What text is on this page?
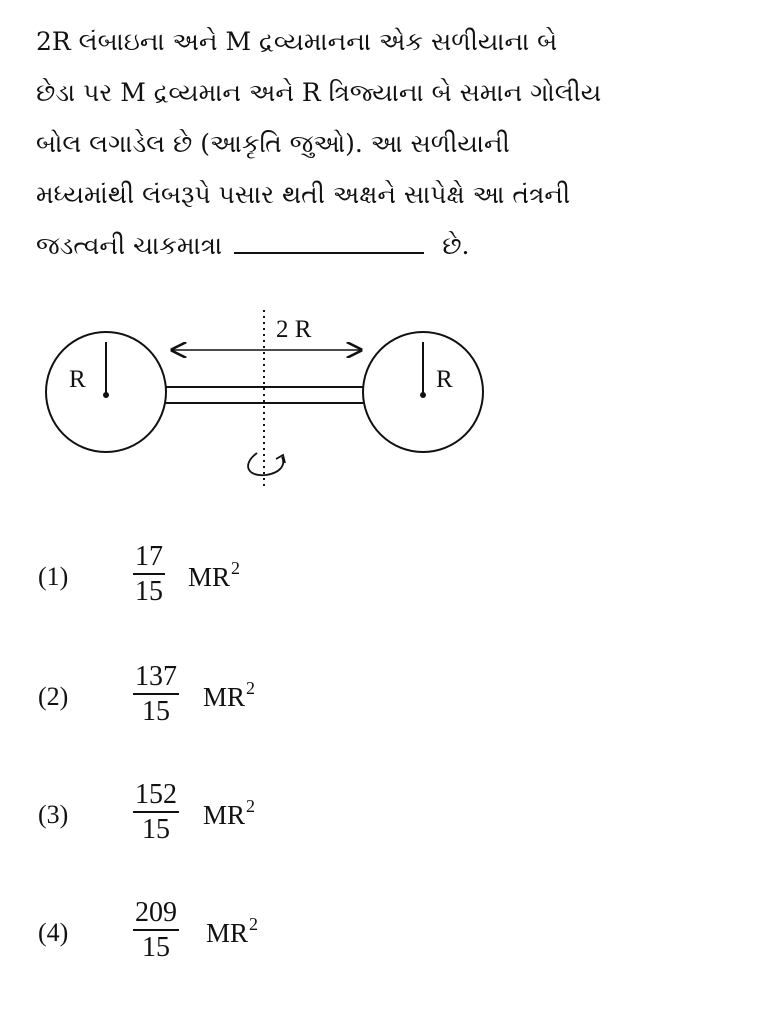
2R લંબાઇના અને M દ્રવ્યમાનના એક સળીયાના બે
છેડા પર M દ્રવ્યમાન અને R ત્રિજ્યાના બે સમાન ગોલીય
બોલ લગાડેલ છે (આકૃતિ જુઓ). આ સળીયાની
મધ્યમાંથી લંબરૂપે પસાર થતી અક્ષને સાપેક્ષે આ તંત્રની
જડત્વની ચાકમાત્રા	છે.

2 R
R	R
$(1) \frac{17}{15} MR^2$
$(2) \frac{137}{15} MR^2$
$(3) \frac{152}{15} MR^2$
$(4) \frac{209}{15} MR^2$
